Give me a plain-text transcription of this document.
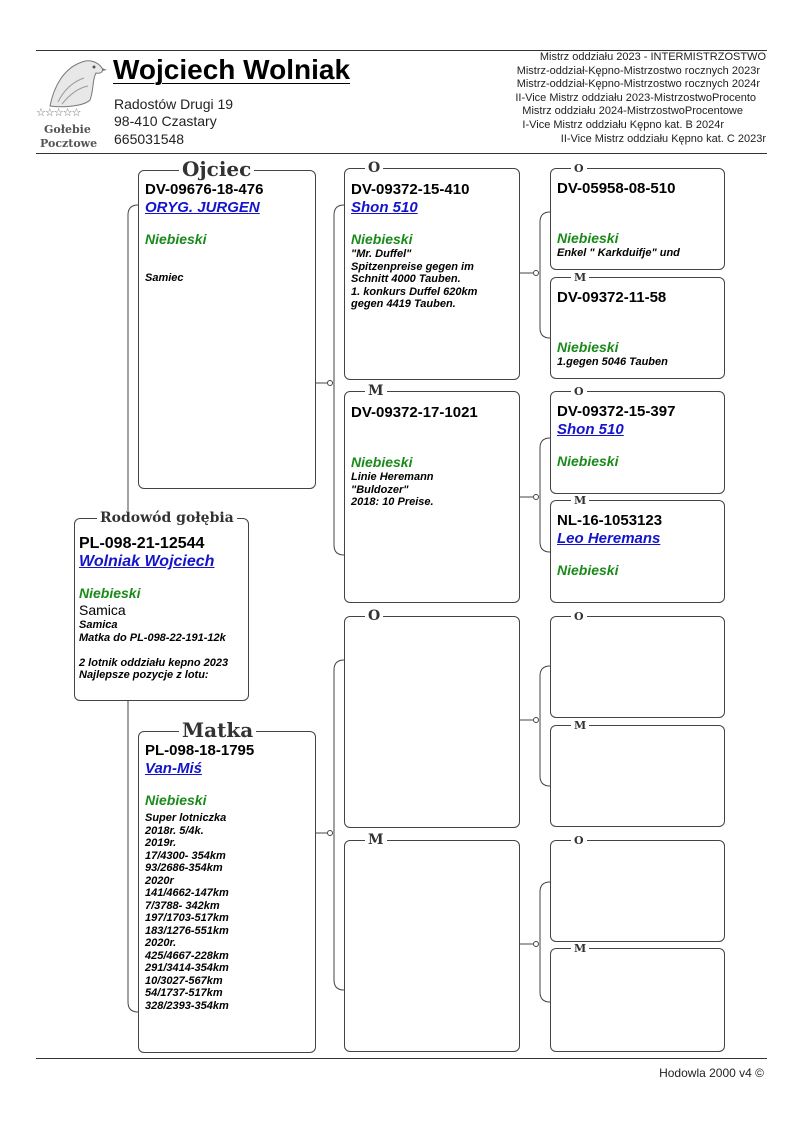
☆☆☆☆☆
Gołebie
Pocztowe
Wojciech Wolniak
Radostów Drugi 19
98-410 Czastary
665031548
Mistrz oddziału 2023 - INTERMISTRZOSTWO
Mistrz-oddział-Kępno-Mistrzostwo rocznych 2023r
Mistrz-oddział-Kępno-Mistrzostwo rocznych 2024r
II-Vice Mistrz oddziału 2023-MistrzostwoProcento
Mistrz oddziału 2024-MistrzostwoProcentowe
I-Vice Mistrz oddziału Kępno kat. B 2024r
II-Vice Mistrz oddziału Kępno kat. C 2023r
Rodowód gołębia
PL-098-21-12544
Wolniak Wojciech
Niebieski
Samica
Samica
Matka do PL-098-22-191-12k

2 lotnik oddziału kepno 2023
Najlepsze pozycje z lotu:
Ojciec
DV-09676-18-476
ORYG. JURGEN
Niebieski
Samiec
Matka
PL-098-18-1795
Van-Miś
Niebieski
Super lotniczka
2018r. 5/4k.
2019r.
17/4300- 354km
93/2686-354km
2020r
141/4662-147km
7/3788- 342km
197/1703-517km
183/1276-551km
2020r.
425/4667-228km
291/3414-354km
10/3027-567km
54/1737-517km
328/2393-354km
O
DV-09372-15-410
Shon 510
Niebieski
"Mr. Duffel"
Spitzenpreise gegen im
Schnitt 4000 Tauben.
1. konkurs Duffel 620km
gegen 4419 Tauben.
M
DV-09372-17-1021
Niebieski
Linie Heremann
"Buldozer"
2018: 10 Preise.
O
M
O
DV-05958-08-510
Niebieski
Enkel " Karkduifje" und
M
DV-09372-11-58
Niebieski
1.gegen 5046 Tauben
O
DV-09372-15-397
Shon 510
Niebieski
M
NL-16-1053123
Leo Heremans
Niebieski
O
M
O
M
Hodowla 2000 v4 ©
